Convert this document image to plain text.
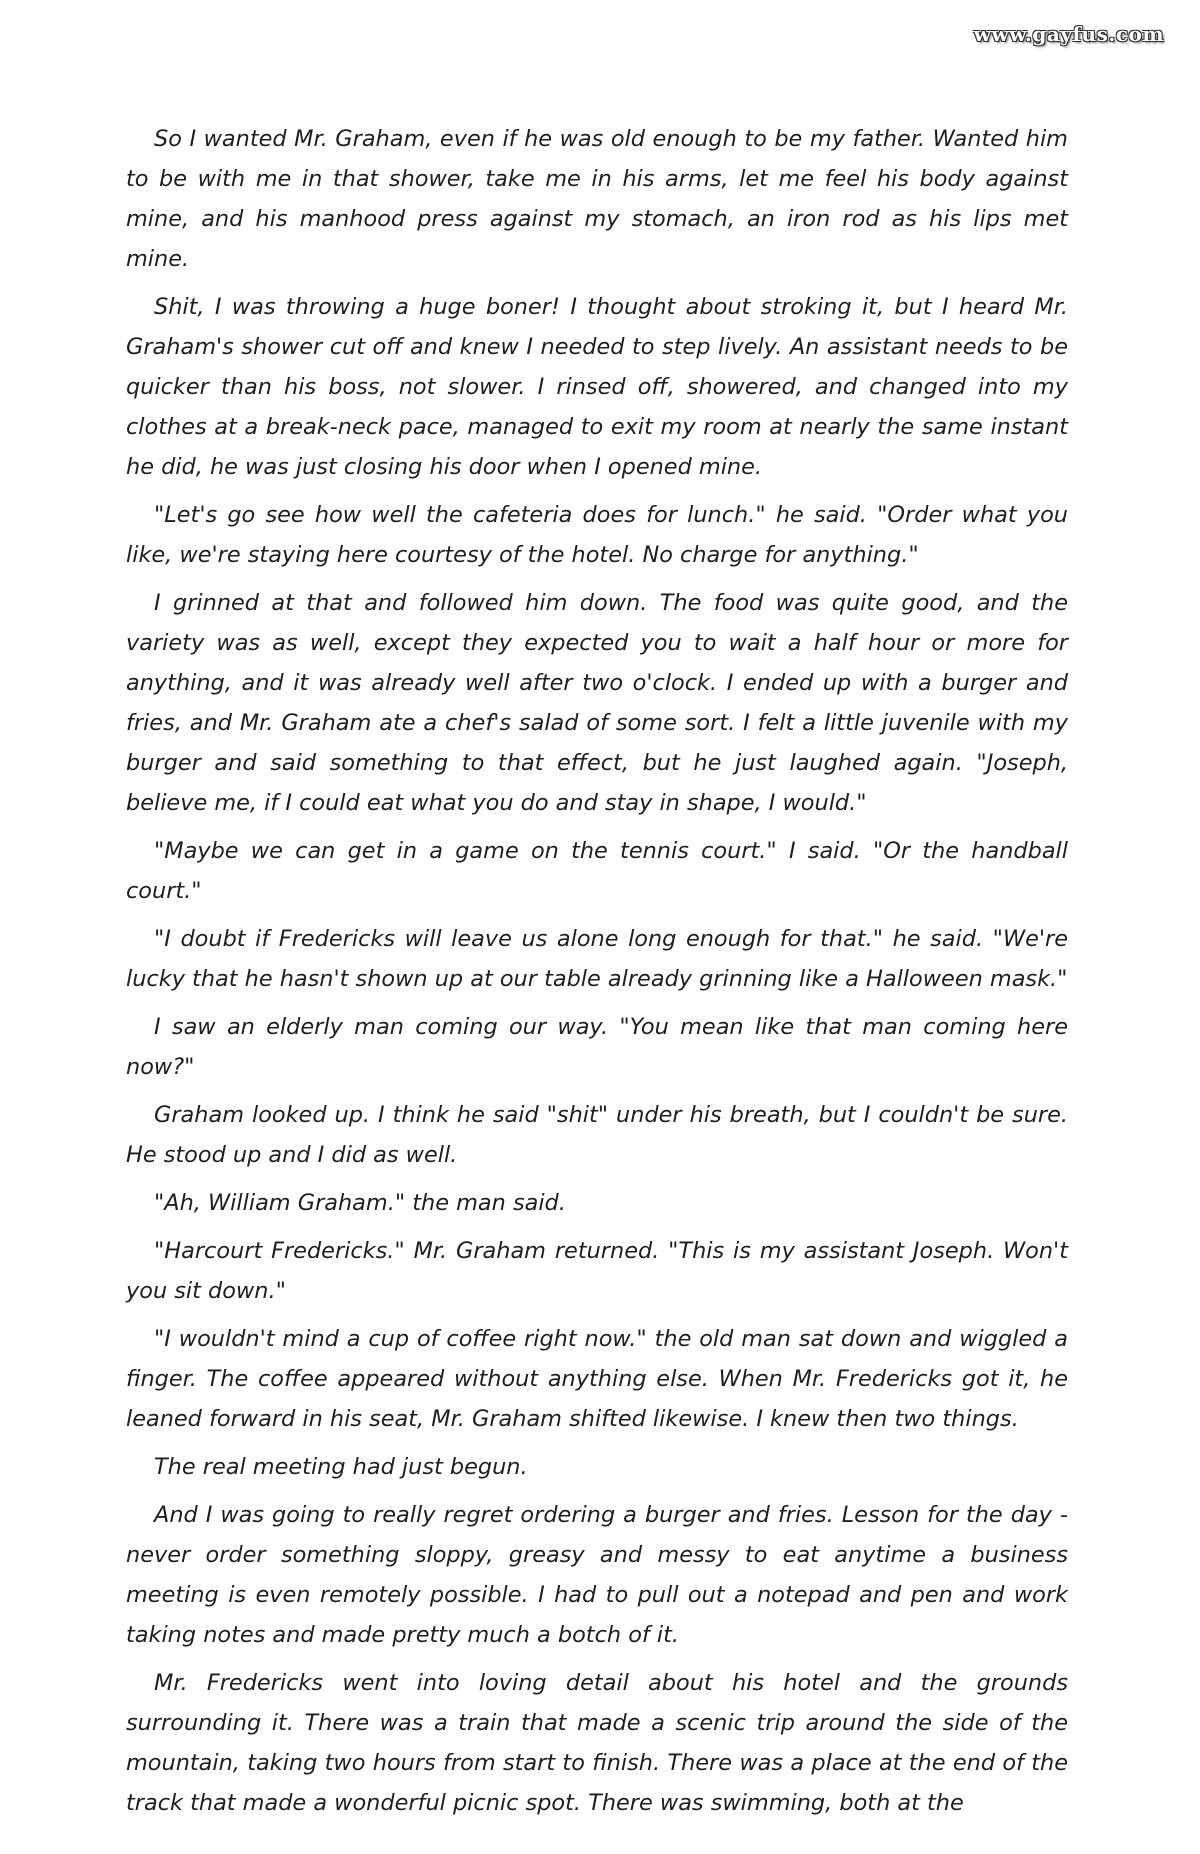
www.gayfus.com

So I wanted Mr. Graham, even if he was old enough to be my father. Wanted him to be with me in that shower, take me in his arms, let me feel his body against mine, and his manhood press against my stomach, an iron rod as his lips met mine.

Shit, I was throwing a huge boner! I thought about stroking it, but I heard Mr. Graham's shower cut off and knew I needed to step lively. An assistant needs to be quicker than his boss, not slower. I rinsed off, showered, and changed into my clothes at a break-neck pace, managed to exit my room at nearly the same instant he did, he was just closing his door when I opened mine.

"Let's go see how well the cafeteria does for lunch." he said. "Order what you like, we're staying here courtesy of the hotel. No charge for anything."

I grinned at that and followed him down. The food was quite good, and the variety was as well, except they expected you to wait a half hour or more for anything, and it was already well after two o'clock. I ended up with a burger and fries, and Mr. Graham ate a chef's salad of some sort. I felt a little juvenile with my burger and said something to that effect, but he just laughed again. "Joseph, believe me, if I could eat what you do and stay in shape, I would."

"Maybe we can get in a game on the tennis court." I said. "Or the handball court."

"I doubt if Fredericks will leave us alone long enough for that." he said. "We're lucky that he hasn't shown up at our table already grinning like a Halloween mask."

I saw an elderly man coming our way. "You mean like that man coming here now?"

Graham looked up. I think he said "shit" under his breath, but I couldn't be sure. He stood up and I did as well.

"Ah, William Graham." the man said.

"Harcourt Fredericks." Mr. Graham returned. "This is my assistant Joseph. Won't you sit down."

"I wouldn't mind a cup of coffee right now." the old man sat down and wiggled a finger. The coffee appeared without anything else. When Mr. Fredericks got it, he leaned forward in his seat, Mr. Graham shifted likewise. I knew then two things.

The real meeting had just begun.

And I was going to really regret ordering a burger and fries. Lesson for the day - never order something sloppy, greasy and messy to eat anytime a business meeting is even remotely possible. I had to pull out a notepad and pen and work taking notes and made pretty much a botch of it.

Mr. Fredericks went into loving detail about his hotel and the grounds surrounding it. There was a train that made a scenic trip around the side of the mountain, taking two hours from start to finish. There was a place at the end of the track that made a wonderful picnic spot. There was swimming, both at the
